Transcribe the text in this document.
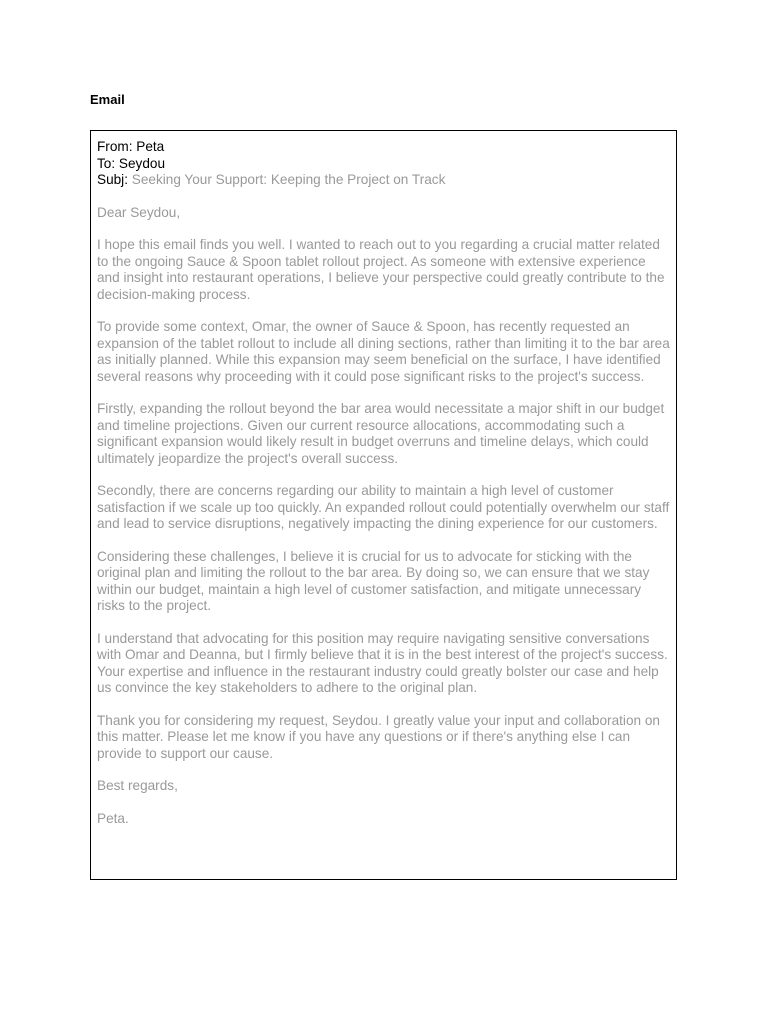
Email
From: Peta
To: Seydou
Subj: Seeking Your Support: Keeping the Project on Track

Dear Seydou,

I hope this email finds you well. I wanted to reach out to you regarding a crucial matter related to the ongoing Sauce & Spoon tablet rollout project. As someone with extensive experience and insight into restaurant operations, I believe your perspective could greatly contribute to the decision-making process.

To provide some context, Omar, the owner of Sauce & Spoon, has recently requested an expansion of the tablet rollout to include all dining sections, rather than limiting it to the bar area as initially planned. While this expansion may seem beneficial on the surface, I have identified several reasons why proceeding with it could pose significant risks to the project's success.

Firstly, expanding the rollout beyond the bar area would necessitate a major shift in our budget and timeline projections. Given our current resource allocations, accommodating such a significant expansion would likely result in budget overruns and timeline delays, which could ultimately jeopardize the project's overall success.

Secondly, there are concerns regarding our ability to maintain a high level of customer satisfaction if we scale up too quickly. An expanded rollout could potentially overwhelm our staff and lead to service disruptions, negatively impacting the dining experience for our customers.

Considering these challenges, I believe it is crucial for us to advocate for sticking with the original plan and limiting the rollout to the bar area. By doing so, we can ensure that we stay within our budget, maintain a high level of customer satisfaction, and mitigate unnecessary risks to the project.

I understand that advocating for this position may require navigating sensitive conversations with Omar and Deanna, but I firmly believe that it is in the best interest of the project's success. Your expertise and influence in the restaurant industry could greatly bolster our case and help us convince the key stakeholders to adhere to the original plan.

Thank you for considering my request, Seydou. I greatly value your input and collaboration on this matter. Please let me know if you have any questions or if there's anything else I can provide to support our cause.

Best regards,

Peta.
